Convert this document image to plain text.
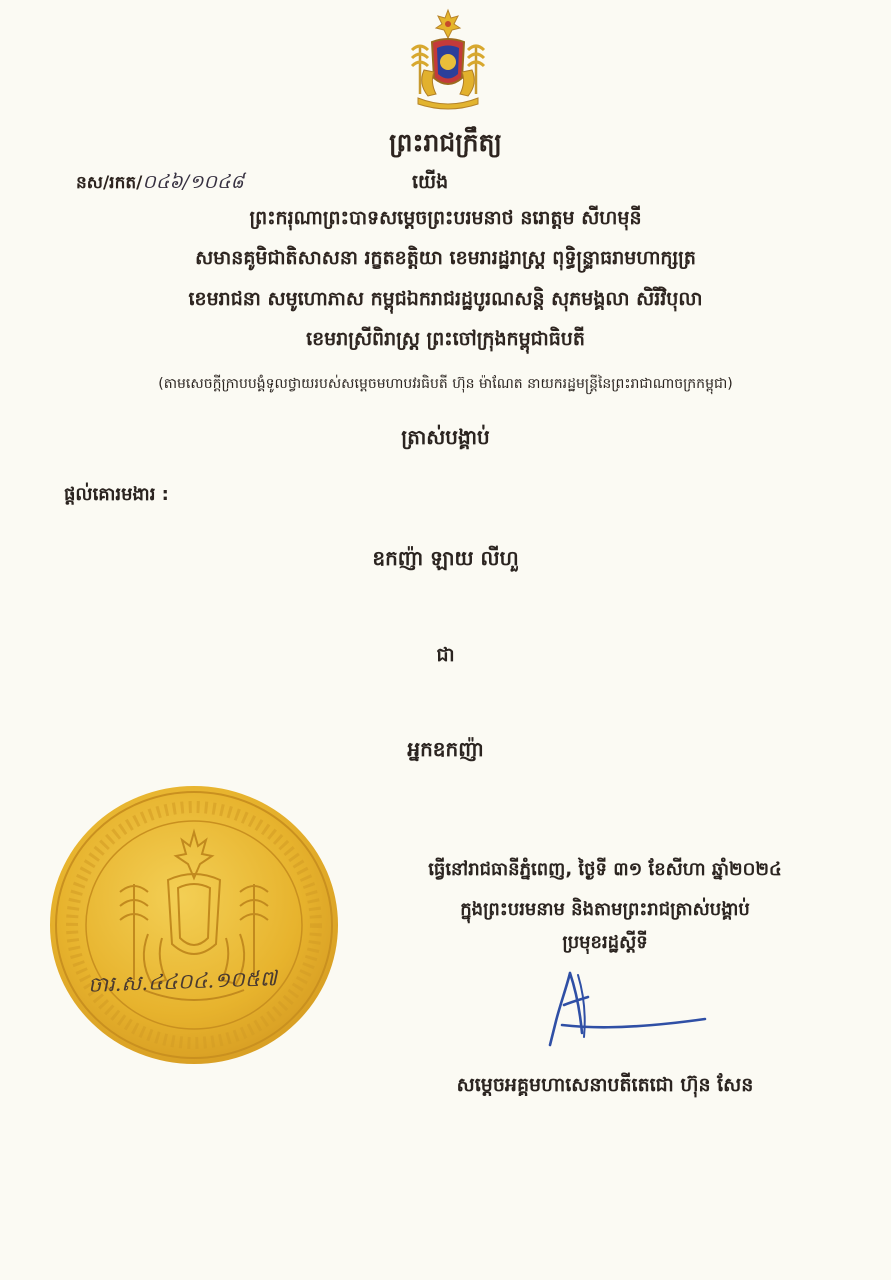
ព្រះរាជក្រឹត្យ
នស/រកត/០៤៦/១០៤៨	យើង
ព្រះករុណាព្រះបាទសម្ដេចព្រះបរមនាថ នរោត្ដម សីហមុនី
សមានគូមិជាតិសាសនា រក្ខតខត្តិយា ខេមរារដ្ឋរាស្ត្រ ពុទ្ធិន្ទ្រាធរាមហាក្សត្រ
ខេមរាជនា សមូហោភាស កម្ពុជឯករាជរដ្ឋបូរណសន្តិ សុភមង្គលា សិរីវិបុលា
ខេមរាស្រីពិរាស្ត្រ ព្រះចៅក្រុងកម្ពុជាធិបតី
(តាមសេចក្ដីក្រាបបង្គំទូលថ្វាយរបស់សម្ដេចមហាបវរធិបតី ហ៊ុន ម៉ាណែត នាយករដ្ឋមន្ត្រីនៃព្រះរាជាណាចក្រកម្ពុជា)
ត្រាស់បង្គាប់
ផ្ដល់គោរមងារ :
ឧកញ៉ា ឡាយ លីហួ
ជា
អ្នកឧកញ៉ា
ចារ.ស.៤៤០៤.១០៥៧
ធ្វើនៅរាជធានីភ្នំពេញ, ថ្ងៃទី ៣១ ខែសីហា ឆ្នាំ២០២៤
ក្នុងព្រះបរមនាម និងតាមព្រះរាជត្រាស់បង្គាប់
ប្រមុខរដ្ឋស្ដីទី
សម្ដេចអគ្គមហាសេនាបតីតេជោ ហ៊ុន សែន
